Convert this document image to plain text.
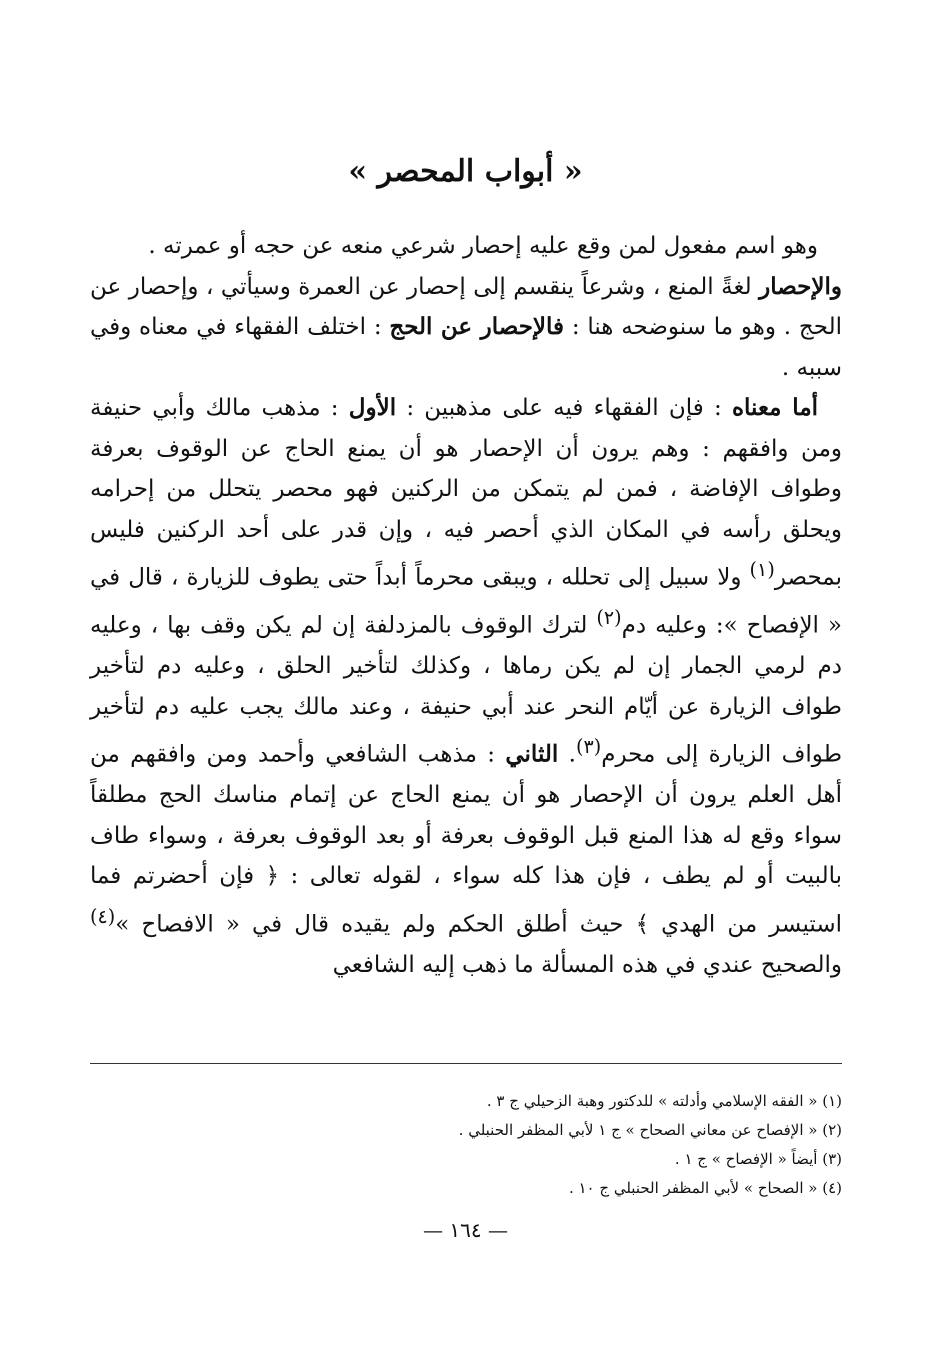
« أبواب المحصر »

وهو اسم مفعول لمن وقع عليه إحصار شرعي منعه عن حجه أو عمرته .

والإحصار لغةً المنع ، وشرعاً ينقسم إلى إحصار عن العمرة وسيأتي ، وإحصار عن الحج . وهو ما سنوضحه هنا : فالإحصار عن الحج : اختلف الفقهاء في معناه وفي سببه .

أما معناه : فإن الفقهاء فيه على مذهبين : الأول : مذهب مالك وأبي حنيفة ومن وافقهم : وهم يرون أن الإحصار هو أن يمنع الحاج عن الوقوف بعرفة وطواف الإفاضة ، فمن لم يتمكن من الركنين فهو محصر يتحلل من إحرامه ويحلق رأسه في المكان الذي أحصر فيه ، وإن قدر على أحد الركنين فليس بمحصر$^{(١)}$ ولا سبيل إلى تحلله ، ويبقى محرماً أبداً حتى يطوف للزيارة ، قال في « الإفصاح »: وعليه دم$^{(٢)}$ لترك الوقوف بالمزدلفة إن لم يكن وقف بها ، وعليه دم لرمي الجمار إن لم يكن رماها ، وكذلك لتأخير الحلق ، وعليه دم لتأخير طواف الزيارة عن أيّام النحر عند أبي حنيفة ، وعند مالك يجب عليه دم لتأخير طواف الزيارة إلى محرم$^{(٣)}$. الثاني : مذهب الشافعي وأحمد ومن وافقهم من أهل العلم يرون أن الإحصار هو أن يمنع الحاج عن إتمام مناسك الحج مطلقاً سواء وقع له هذا المنع قبل الوقوف بعرفة أو بعد الوقوف بعرفة ، وسواء طاف بالبيت أو لم يطف ، فإن هذا كله سواء ، لقوله تعالى : ﴿ فإن أحضرتم فما استيسر من الهدي ﴾ حيث أطلق الحكم ولم يقيده قال في « الافصاح »$^{(٤)}$ والصحيح عندي في هذه المسألة ما ذهب إليه الشافعي

(١) « الفقه الإسلامي وأدلته » للدكتور وهبة الزحيلي ج ٣ .
(٢) « الإفصاح عن معاني الصحاح » ج ١ لأبي المظفر الحنبلي .
(٣) أيضاً « الإفصاح » ج ١ .
(٤) « الصحاح » لأبي المظفر الحنبلي ج ١٠ .
— ١٦٤ —
